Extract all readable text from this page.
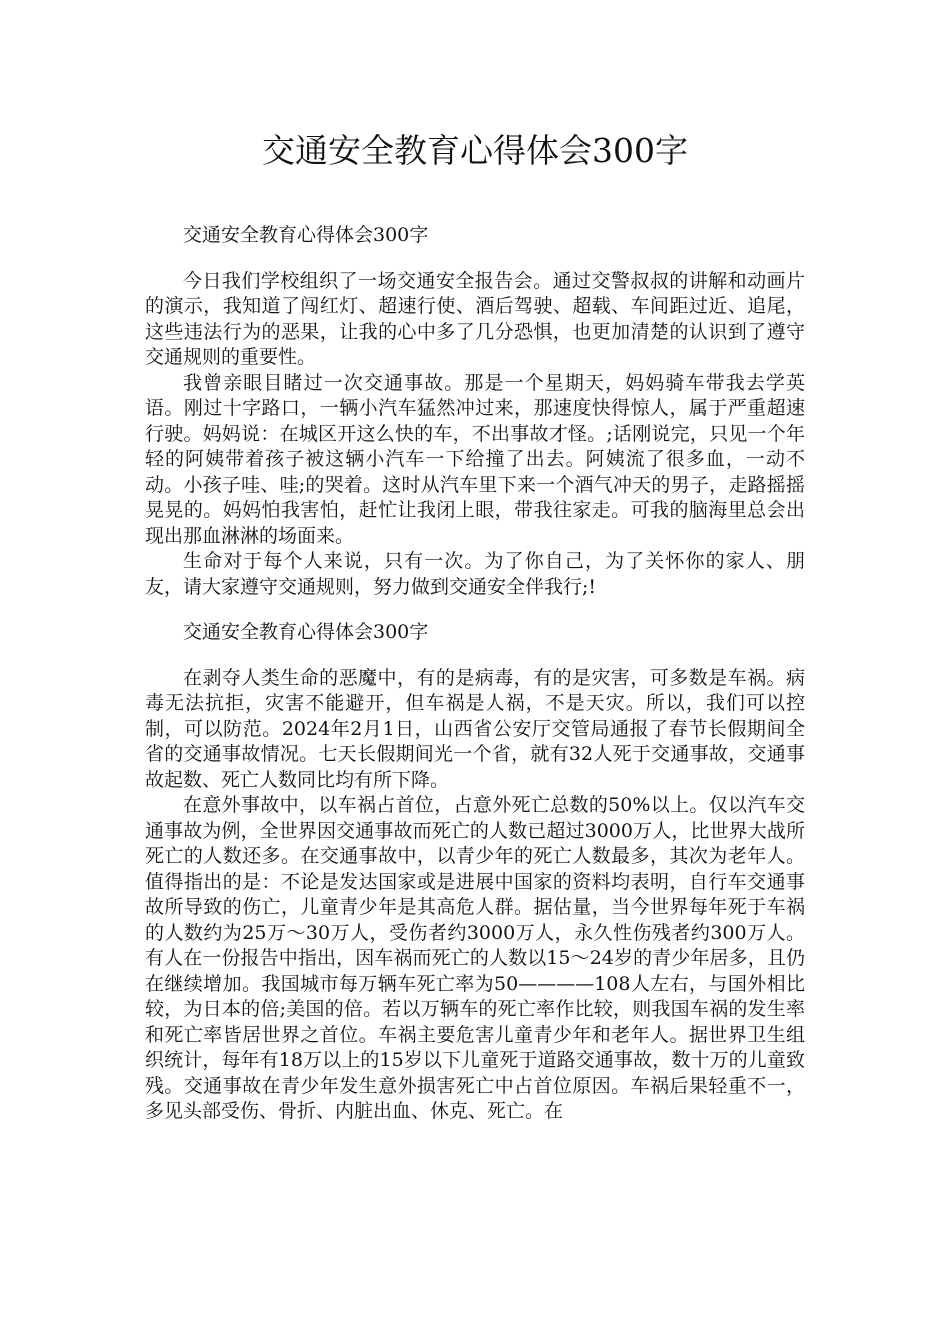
交通安全教育心得体会300字
交通安全教育心得体会300字

今日我们学校组织了一场交通安全报告会。通过交警叔叔的讲解和动画片的演示，我知道了闯红灯、超速行使、酒后驾驶、超载、车间距过近、追尾，这些违法行为的恶果，让我的心中多了几分恐惧，也更加清楚的认识到了遵守交通规则的重要性。

我曾亲眼目睹过一次交通事故。那是一个星期天，妈妈骑车带我去学英语。刚过十字路口，一辆小汽车猛然冲过来，那速度快得惊人，属于严重超速行驶。妈妈说：在城区开这么快的车，不出事故才怪。;话刚说完，只见一个年轻的阿姨带着孩子被这辆小汽车一下给撞了出去。阿姨流了很多血，一动不动。小孩子哇、哇;的哭着。这时从汽车里下来一个酒气冲天的男子，走路摇摇晃晃的。妈妈怕我害怕，赶忙让我闭上眼，带我往家走。可我的脑海里总会出现出那血淋淋的场面来。

生命对于每个人来说，只有一次。为了你自己，为了关怀你的家人、朋友，请大家遵守交通规则，努力做到交通安全伴我行;!

交通安全教育心得体会300字

在剥夺人类生命的恶魔中，有的是病毒，有的是灾害，可多数是车祸。病毒无法抗拒，灾害不能避开，但车祸是人祸，不是天灾。所以，我们可以控制，可以防范。2024年2月1日，山西省公安厅交管局通报了春节长假期间全省的交通事故情况。七天长假期间光一个省，就有32人死于交通事故，交通事故起数、死亡人数同比均有所下降。

在意外事故中，以车祸占首位，占意外死亡总数的50%以上。仅以汽车交通事故为例，全世界因交通事故而死亡的人数已超过3000万人，比世界大战所死亡的人数还多。在交通事故中，以青少年的死亡人数最多，其次为老年人。值得指出的是：不论是发达国家或是进展中国家的资料均表明，自行车交通事故所导致的伤亡，儿童青少年是其高危人群。据估量，当今世界每年死于车祸的人数约为25万～30万人，受伤者约3000万人，永久性伤残者约300万人。有人在一份报告中指出，因车祸而死亡的人数以15～24岁的青少年居多，且仍在继续增加。我国城市每万辆车死亡率为50————108人左右，与国外相比较，为日本的倍;美国的倍。若以万辆车的死亡率作比较，则我国车祸的发生率和死亡率皆居世界之首位。车祸主要危害儿童青少年和老年人。据世界卫生组织统计，每年有18万以上的15岁以下儿童死于道路交通事故，数十万的儿童致残。交通事故在青少年发生意外损害死亡中占首位原因。车祸后果轻重不一，多见头部受伤、骨折、内脏出血、休克、死亡。在
